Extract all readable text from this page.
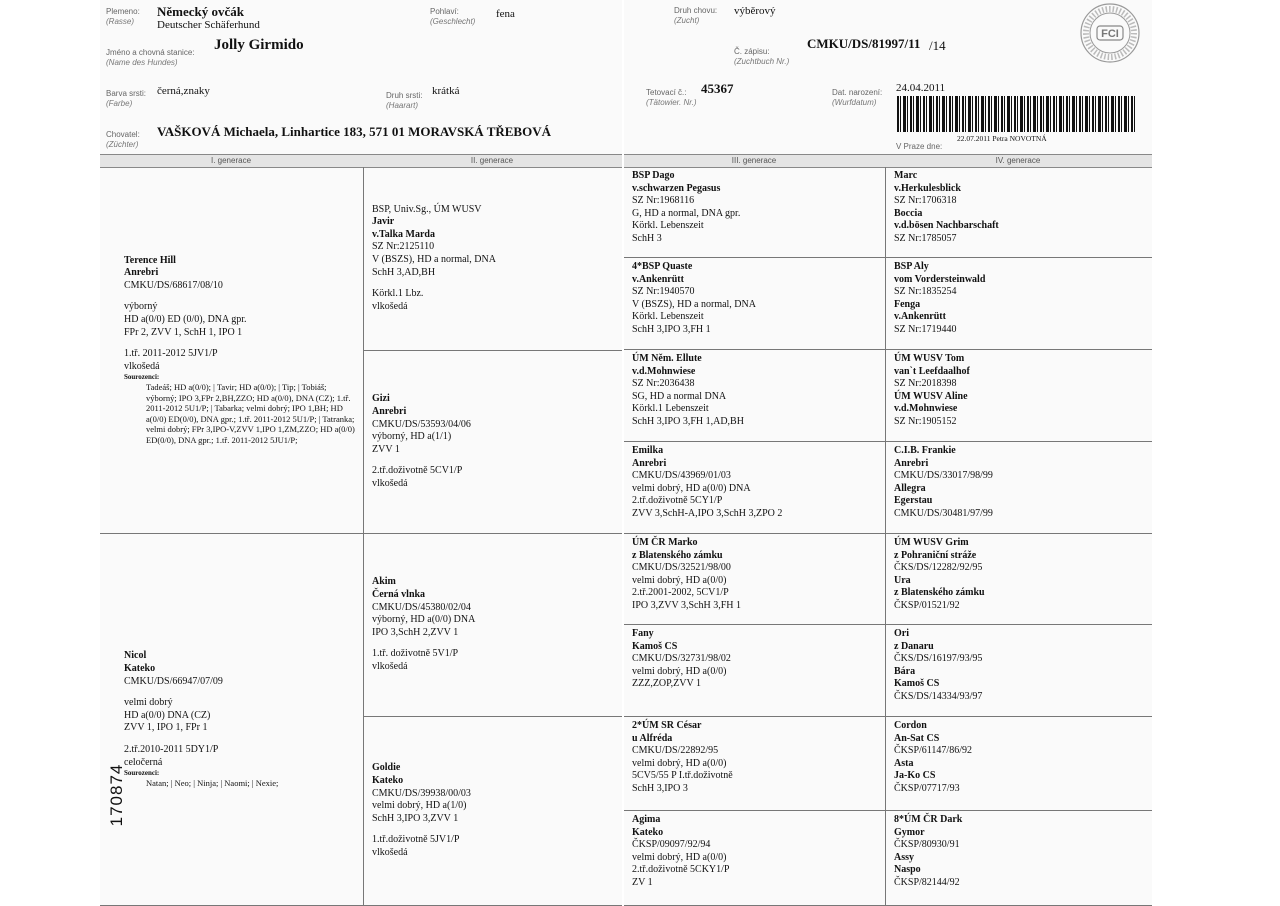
Plemeno:
(Rasse)
Německý ovčák
Deutscher Schäferhund
Pohlaví:
(Geschlecht)
fena
Jméno a chovná stanice:
(Name des Hundes)
Jolly Girmido
Barva srsti:
(Farbe)
černá,znaky	Druh srsti:
(Haarart)
krátká
Chovatel:
(Züchter)
VAŠKOVÁ Michaela, Linhartice 183, 571 01 MORAVSKÁ TŘEBOVÁ
I. generace	II. generace
Terence Hill
Anrebri
CMKU/DS/68617/08/10
výborný
HD a(0/0) ED (0/0), DNA gpr.
FPr 2, ZVV 1, SchH 1, IPO 1
1.tř. 2011-2012 5JV1/P
vlkošedá
Sourozenci:
Tadeáš; HD a(0/0); | Tavir; HD a(0/0); | Tip; | Tobiáš; výborný; IPO 3,FPr 2,BH,ZZO; HD a(0/0), DNA (CZ); 1.tř. 2011-2012 5U1/P; | Tabarka; velmi dobrý; IPO 1,BH; HD a(0/0) ED(0/0), DNA gpr.; 1.tř. 2011-2012 5U1/P; | Tatranka; velmi dobrý; FPr 3,IPO-V,ZVV 1,IPO 1,ZM,ZZO; HD a(0/0) ED(0/0), DNA gpr.; 1.tř. 2011-2012 5JU1/P;
Nicol
Kateko
CMKU/DS/66947/07/09
velmi dobrý
HD a(0/0) DNA (CZ)
ZVV 1, IPO 1, FPr 1
2.tř.2010-2011 5DY1/P
celočerná
Sourozenci:
Natan; | Neo; | Ninja; | Naomi; | Nexie;
170874
BSP, Univ.Sg., ÚM WUSV
Javir
v.Talka Marda
SZ Nr:2125110
V (BSZS), HD a normal, DNA
SchH 3,AD,BH
Körkl.1 Lbz.
vlkošedá
Gizi
Anrebri
CMKU/DS/53593/04/06
výborný, HD a(1/1)
ZVV 1
2.tř.doživotně 5CV1/P
vlkošedá
Akim
Černá vlnka
CMKU/DS/45380/02/04
výborný, HD a(0/0) DNA
IPO 3,SchH 2,ZVV 1
1.tř. doživotně 5V1/P
vlkošedá
Goldie
Kateko
CMKU/DS/39938/00/03
velmi dobrý, HD a(1/0)
SchH 3,IPO 3,ZVV 1
1.tř.doživotně 5JV1/P
vlkošedá
Druh chovu:
(Zucht)
výběrový
Č. zápisu:
(Zuchtbuch Nr.)
CMKU/DS/81997/11 /14
Tetovací č.:
(Tätowier. Nr.)
45367	Dat. narození:
(Wurfdatum)
24.04.2011
22.07.2011 Petra NOVOTNÁ
V Praze dne:
FCI
III. generace	IV. generace
BSP Dago
v.schwarzen Pegasus
SZ Nr:1968116
G, HD a normal, DNA gpr.
Körkl. Lebenszeit
SchH 3
4*BSP Quaste
v.Ankenrütt
SZ Nr:1940570
V (BSZS), HD a normal, DNA
Körkl. Lebenszeit
SchH 3,IPO 3,FH 1
ÚM Něm. Ellute
v.d.Mohnwiese
SZ Nr:2036438
SG, HD a normal DNA
Körkl.1 Lebenszeit
SchH 3,IPO 3,FH 1,AD,BH
Emilka
Anrebri
CMKU/DS/43969/01/03
velmi dobrý, HD a(0/0) DNA
2.tř.doživotně 5CY1/P
ZVV 3,SchH-A,IPO 3,SchH 3,ZPO 2
ÚM ČR Marko
z Blatenského zámku
CMKU/DS/32521/98/00
velmi dobrý, HD a(0/0)
2.tř.2001-2002, 5CV1/P
IPO 3,ZVV 3,SchH 3,FH 1
Fany
Kamoš CS
CMKU/DS/32731/98/02
velmi dobrý, HD a(0/0)
ZZZ,ZOP,ZVV 1
2*ÚM SR César
u Alfréda
CMKU/DS/22892/95
velmi dobrý, HD a(0/0)
5CV5/55 P I.tř.doživotně
SchH 3,IPO 3
Agima
Kateko
ČKSP/09097/92/94
velmi dobrý, HD a(0/0)
2.tř.doživotně 5CKY1/P
ZV 1
Marc
v.Herkulesblick
SZ Nr:1706318
Boccia
v.d.bösen Nachbarschaft
SZ Nr:1785057
BSP Aly
vom Vordersteinwald
SZ Nr:1835254
Fenga
v.Ankenrütt
SZ Nr:1719440
ÚM WUSV Tom
van`t Leefdaalhof
SZ Nr:2018398
ÚM WUSV Aline
v.d.Mohnwiese
SZ Nr:1905152
C.I.B. Frankie
Anrebri
CMKU/DS/33017/98/99
Allegra
Egerstau
CMKU/DS/30481/97/99
ÚM WUSV Grim
z Pohraniční stráže
ČKS/DS/12282/92/95
Ura
z Blatenského zámku
ČKSP/01521/92
Ori
z Danaru
ČKS/DS/16197/93/95
Bára
Kamoš CS
ČKS/DS/14334/93/97
Cordon
An-Sat CS
ČKSP/61147/86/92
Asta
Ja-Ko CS
ČKSP/07717/93
8*ÚM ČR Dark
Gymor
ČKSP/80930/91
Assy
Naspo
ČKSP/82144/92
